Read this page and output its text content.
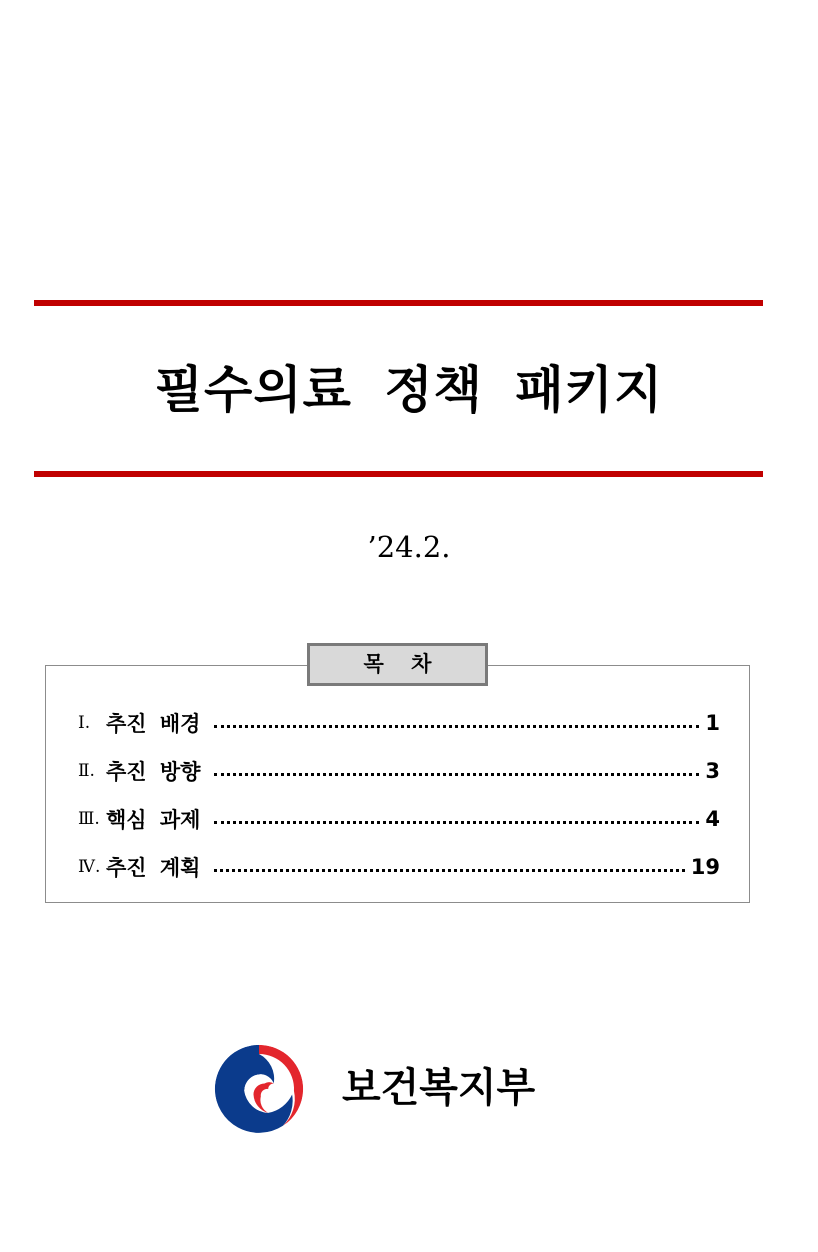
필수의료 정책 패키지
’24.2.
목 차
Ⅰ. 추진 배경	1
Ⅱ. 추진 방향	3
Ⅲ. 핵심 과제	4
Ⅳ. 추진 계획	19
보건복지부
